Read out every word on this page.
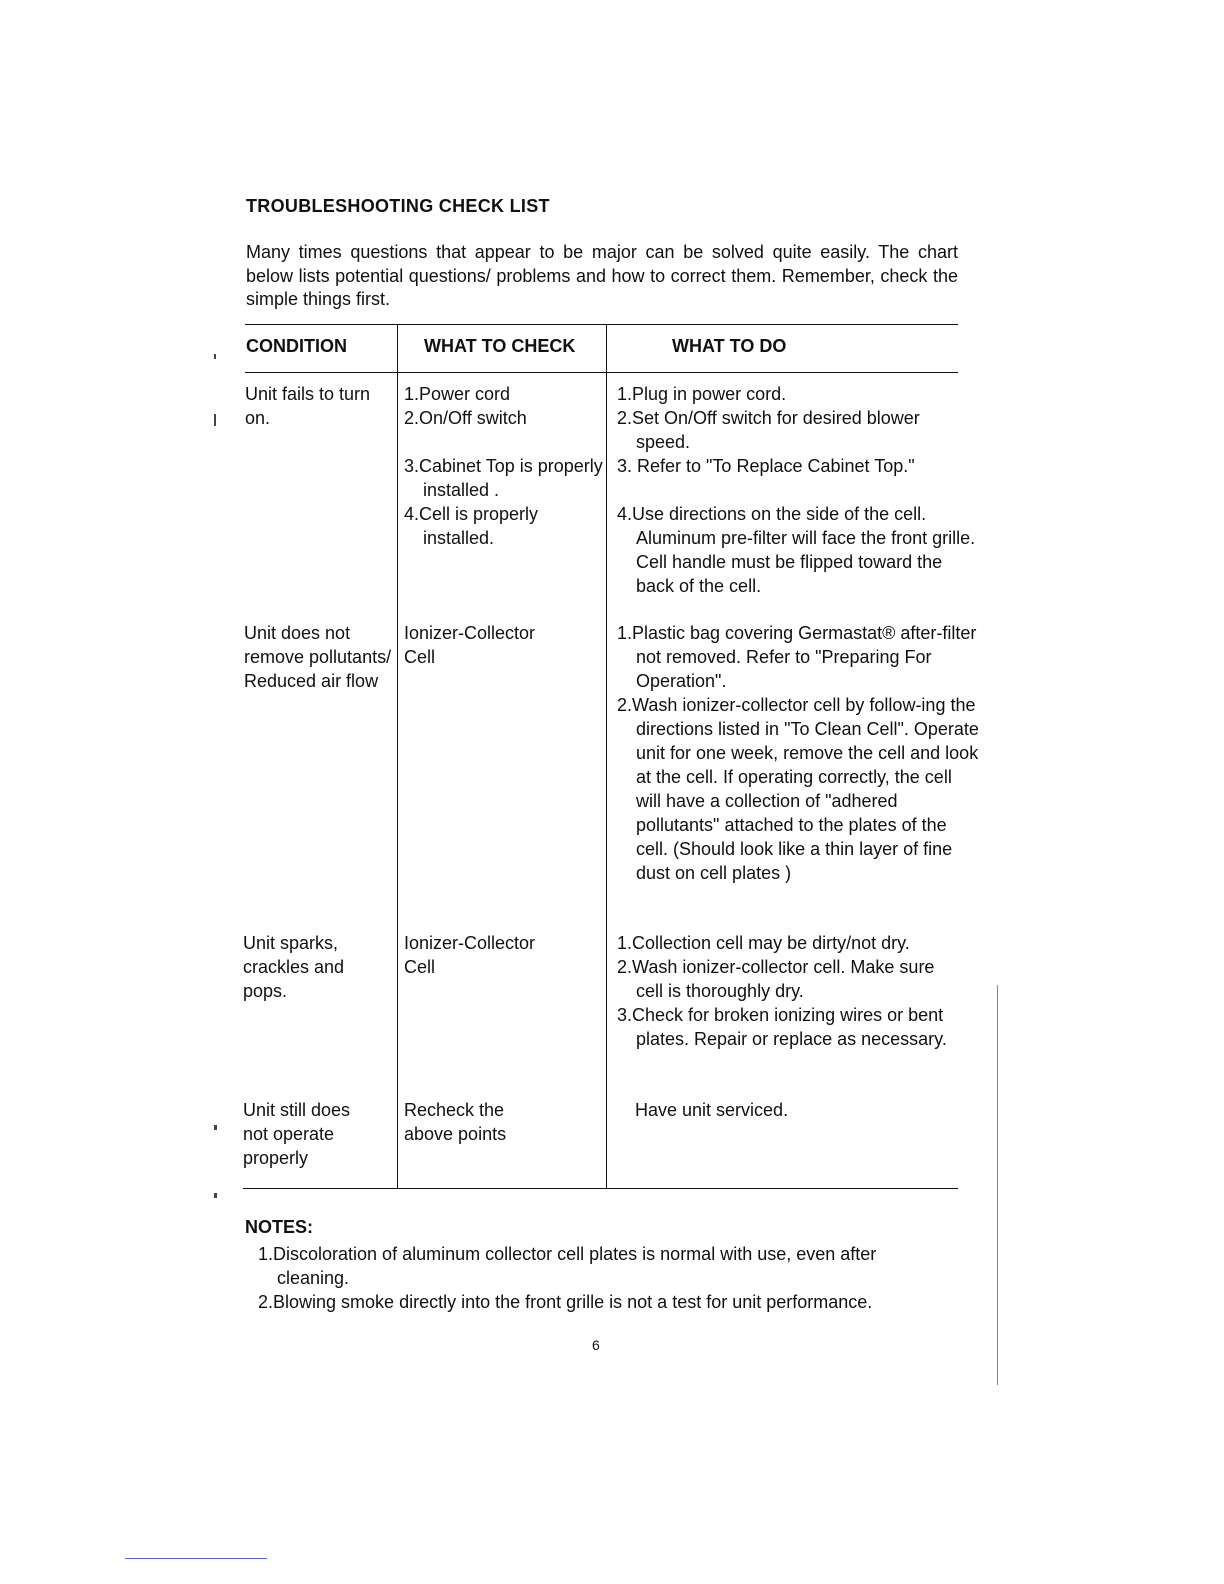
TROUBLESHOOTING CHECK LIST
Many times questions that appear to be major can be solved quite easily. The chart below lists potential questions/ problems and how to correct them. Remember, check the simple things first.
CONDITION	WHAT TO CHECK	WHAT TO DO
Unit fails to turn on.
1.Power cord
2.On/Off switch
3.Cabinet Top is properly installed .
4.Cell is properly installed.
1.Plug in power cord.
2.Set On/Off switch for desired blower speed.
3. Refer to "To Replace Cabinet Top."
4.Use directions on the side of the cell. Aluminum pre-filter will face the front grille. Cell handle must be flipped toward the back of the cell.
Unit does not remove pollutants/ Reduced air flow
Ionizer-Collector Cell
1.Plastic bag covering Germastat® after-filter not removed. Refer to "Preparing For Operation".
2.Wash ionizer-collector cell by follow-ing the directions listed in "To Clean Cell". Operate unit for one week, remove the cell and look at the cell. If operating correctly, the cell will have a collection of "adhered pollutants" attached to the plates of the cell. (Should look like a thin layer of fine dust on cell plates )
Unit sparks, crackles and pops.
Ionizer-Collector Cell
1.Collection cell may be dirty/not dry.
2.Wash ionizer-collector cell. Make sure cell is thoroughly dry.
3.Check for broken ionizing wires or bent plates. Repair or replace as necessary.
Unit still does not operate properly
Recheck the above points
Have unit serviced.
NOTES:
1.Discoloration of aluminum collector cell plates is normal with use, even after cleaning.
2.Blowing smoke directly into the front grille is not a test for unit performance.
6
